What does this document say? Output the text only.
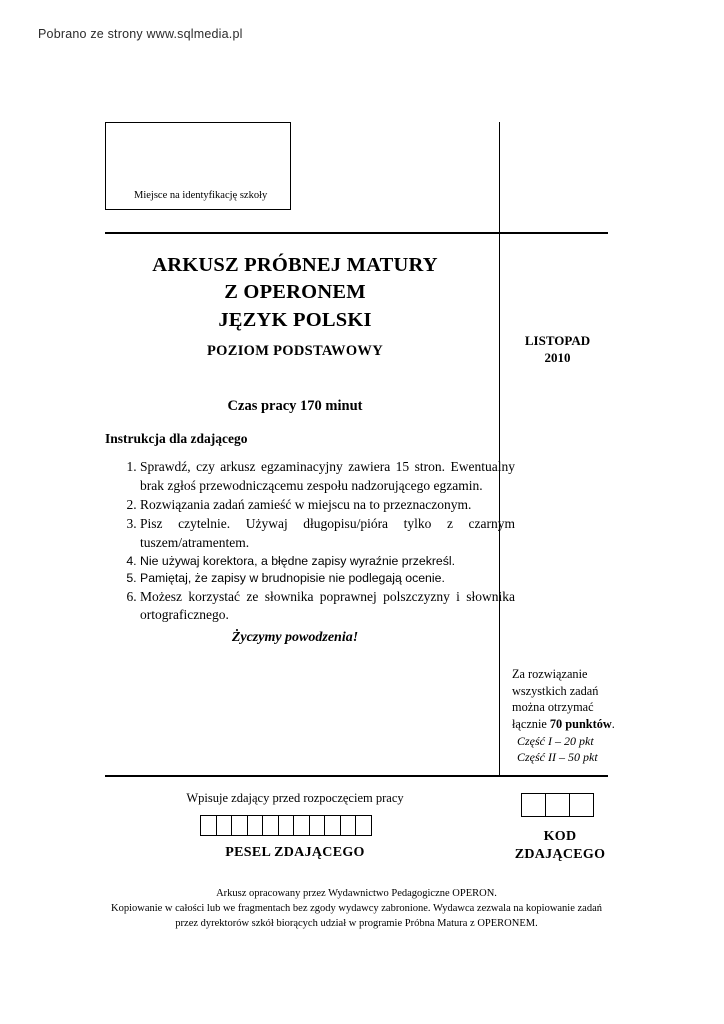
Pobrano ze strony www.sqlmedia.pl
Miejsce na identyfikację szkoły
ARKUSZ PRÓBNEJ MATURY
Z OPERONEM
JĘZYK POLSKI
POZIOM PODSTAWOWY
Czas pracy 170 minut
LISTOPAD
2010
Instrukcja dla zdającego
1. Sprawdź, czy arkusz egzaminacyjny zawiera 15 stron. Ewentualny brak zgłoś przewodniczącemu zespołu nadzorującego egzamin.
2. Rozwiązania zadań zamieść w miejscu na to przeznaczonym.
3. Pisz czytelnie. Używaj długopisu/pióra tylko z czarnym tuszem/atramentem.
4. Nie używaj korektora, a błędne zapisy wyraźnie przekreśl.
5. Pamiętaj, że zapisy w brudnopisie nie podlegają ocenie.
6. Możesz korzystać ze słownika poprawnej polszczyzny i słownika ortograficznego.
Życzymy powodzenia!
Za rozwiązanie
wszystkich zadań
można otrzymać
łącznie 70 punktów.
Część I – 20 pkt
Część II – 50 pkt
Wpisuje zdający przed rozpoczęciem pracy
PESEL ZDAJĄCEGO
KOD
ZDAJĄCEGO
Arkusz opracowany przez Wydawnictwo Pedagogiczne OPERON.
Kopiowanie w całości lub we fragmentach bez zgody wydawcy zabronione. Wydawca zezwala na kopiowanie zadań
przez dyrektorów szkół biorących udział w programie Próbna Matura z OPERONEM.
